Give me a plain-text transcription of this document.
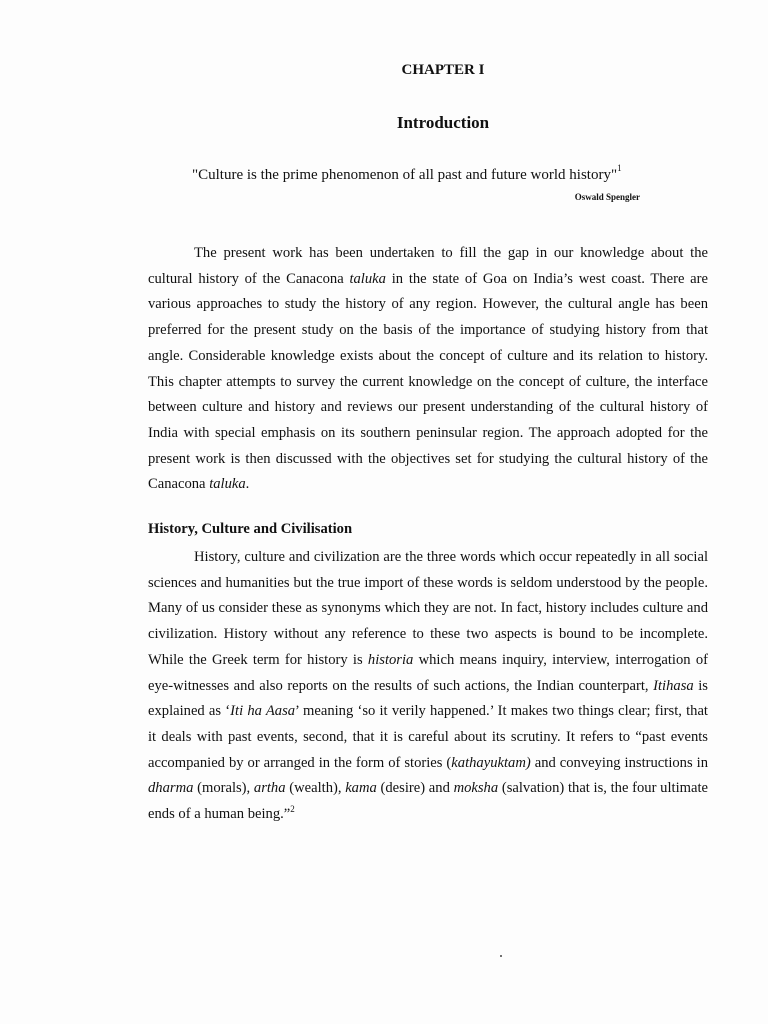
CHAPTER I
Introduction
"Culture is the prime phenomenon of all past and future world history"$^1$
Oswald Spengler

The present work has been undertaken to fill the gap in our knowledge about the cultural history of the Canacona taluka in the state of Goa on India’s west coast. There are various approaches to study the history of any region. However, the cultural angle has been preferred for the present study on the basis of the importance of studying history from that angle. Considerable knowledge exists about the concept of culture and its relation to history. This chapter attempts to survey the current knowledge on the concept of culture, the interface between culture and history and reviews our present understanding of the cultural history of India with special emphasis on its southern peninsular region. The approach adopted for the present work is then discussed with the objectives set for studying the cultural history of the Canacona taluka.

History, Culture and Civilisation

History, culture and civilization are the three words which occur repeatedly in all social sciences and humanities but the true import of these words is seldom understood by the people. Many of us consider these as synonyms which they are not. In fact, history includes culture and civilization. History without any reference to these two aspects is bound to be incomplete. While the Greek term for history is historia which means inquiry, interview, interrogation of eye-witnesses and also reports on the results of such actions, the Indian counterpart, Itihasa is explained as ‘Iti ha Aasa’ meaning ‘so it verily happened.’ It makes two things clear; first, that it deals with past events, second, that it is careful about its scrutiny. It refers to “past events accompanied by or arranged in the form of stories (kathayuktam) and conveying instructions in dharma (morals), artha (wealth), kama (desire) and moksha (salvation) that is, the four ultimate ends of a human being.”$^2$
